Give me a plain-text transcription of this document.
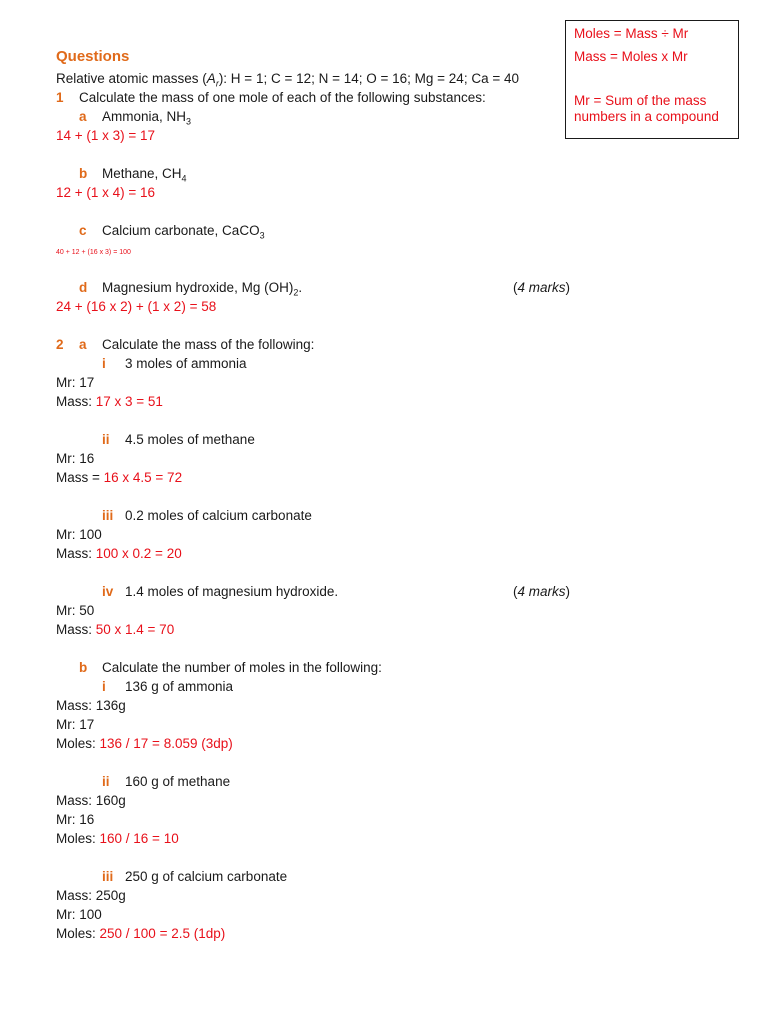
Moles = Mass ÷ Mr
Mass = Moles x Mr
Mr = Sum of the mass
numbers in a compound
Questions
Relative atomic masses $(A_r)$: H = 1; C = 12; N = 14; O = 16; Mg = 24; Ca = 40
1 Calculate the mass of one mole of each of the following substances:
a Ammonia, $NH_3$
14 + (1 x 3) = 17
b Methane, $CH_4$
12 + (1 x 4) = 16
c Calcium carbonate, CaCO$_3$
40 + 12 + (16 x 3) = 100
d Magnesium hydroxide, Mg $(OH)_2$.	(4 marks)
24 + (16 x 2) + (1 x 2) = 58
2 a Calculate the mass of the following:
i 3 moles of ammonia
Mr: 17
Mass: 17 x 3 = 51
ii 4.5 moles of methane
Mr: 16
Mass = 16 x 4.5 = 72
iii 0.2 moles of calcium carbonate
Mr: 100
Mass: 100 x 0.2 = 20
iv 1.4 moles of magnesium hydroxide.	(4 marks)
Mr: 50
Mass: 50 x 1.4 = 70
b Calculate the number of moles in the following:
i 136 g of ammonia
Mass: 136g
Mr: 17
Moles: 136 / 17 = 8.059 (3dp)
ii 160 g of methane
Mass: 160g
Mr: 16
Moles: 160 / 16 = 10
iii 250 g of calcium carbonate
Mass: 250g
Mr: 100
Moles: 250 / 100 = 2.5 (1dp)
